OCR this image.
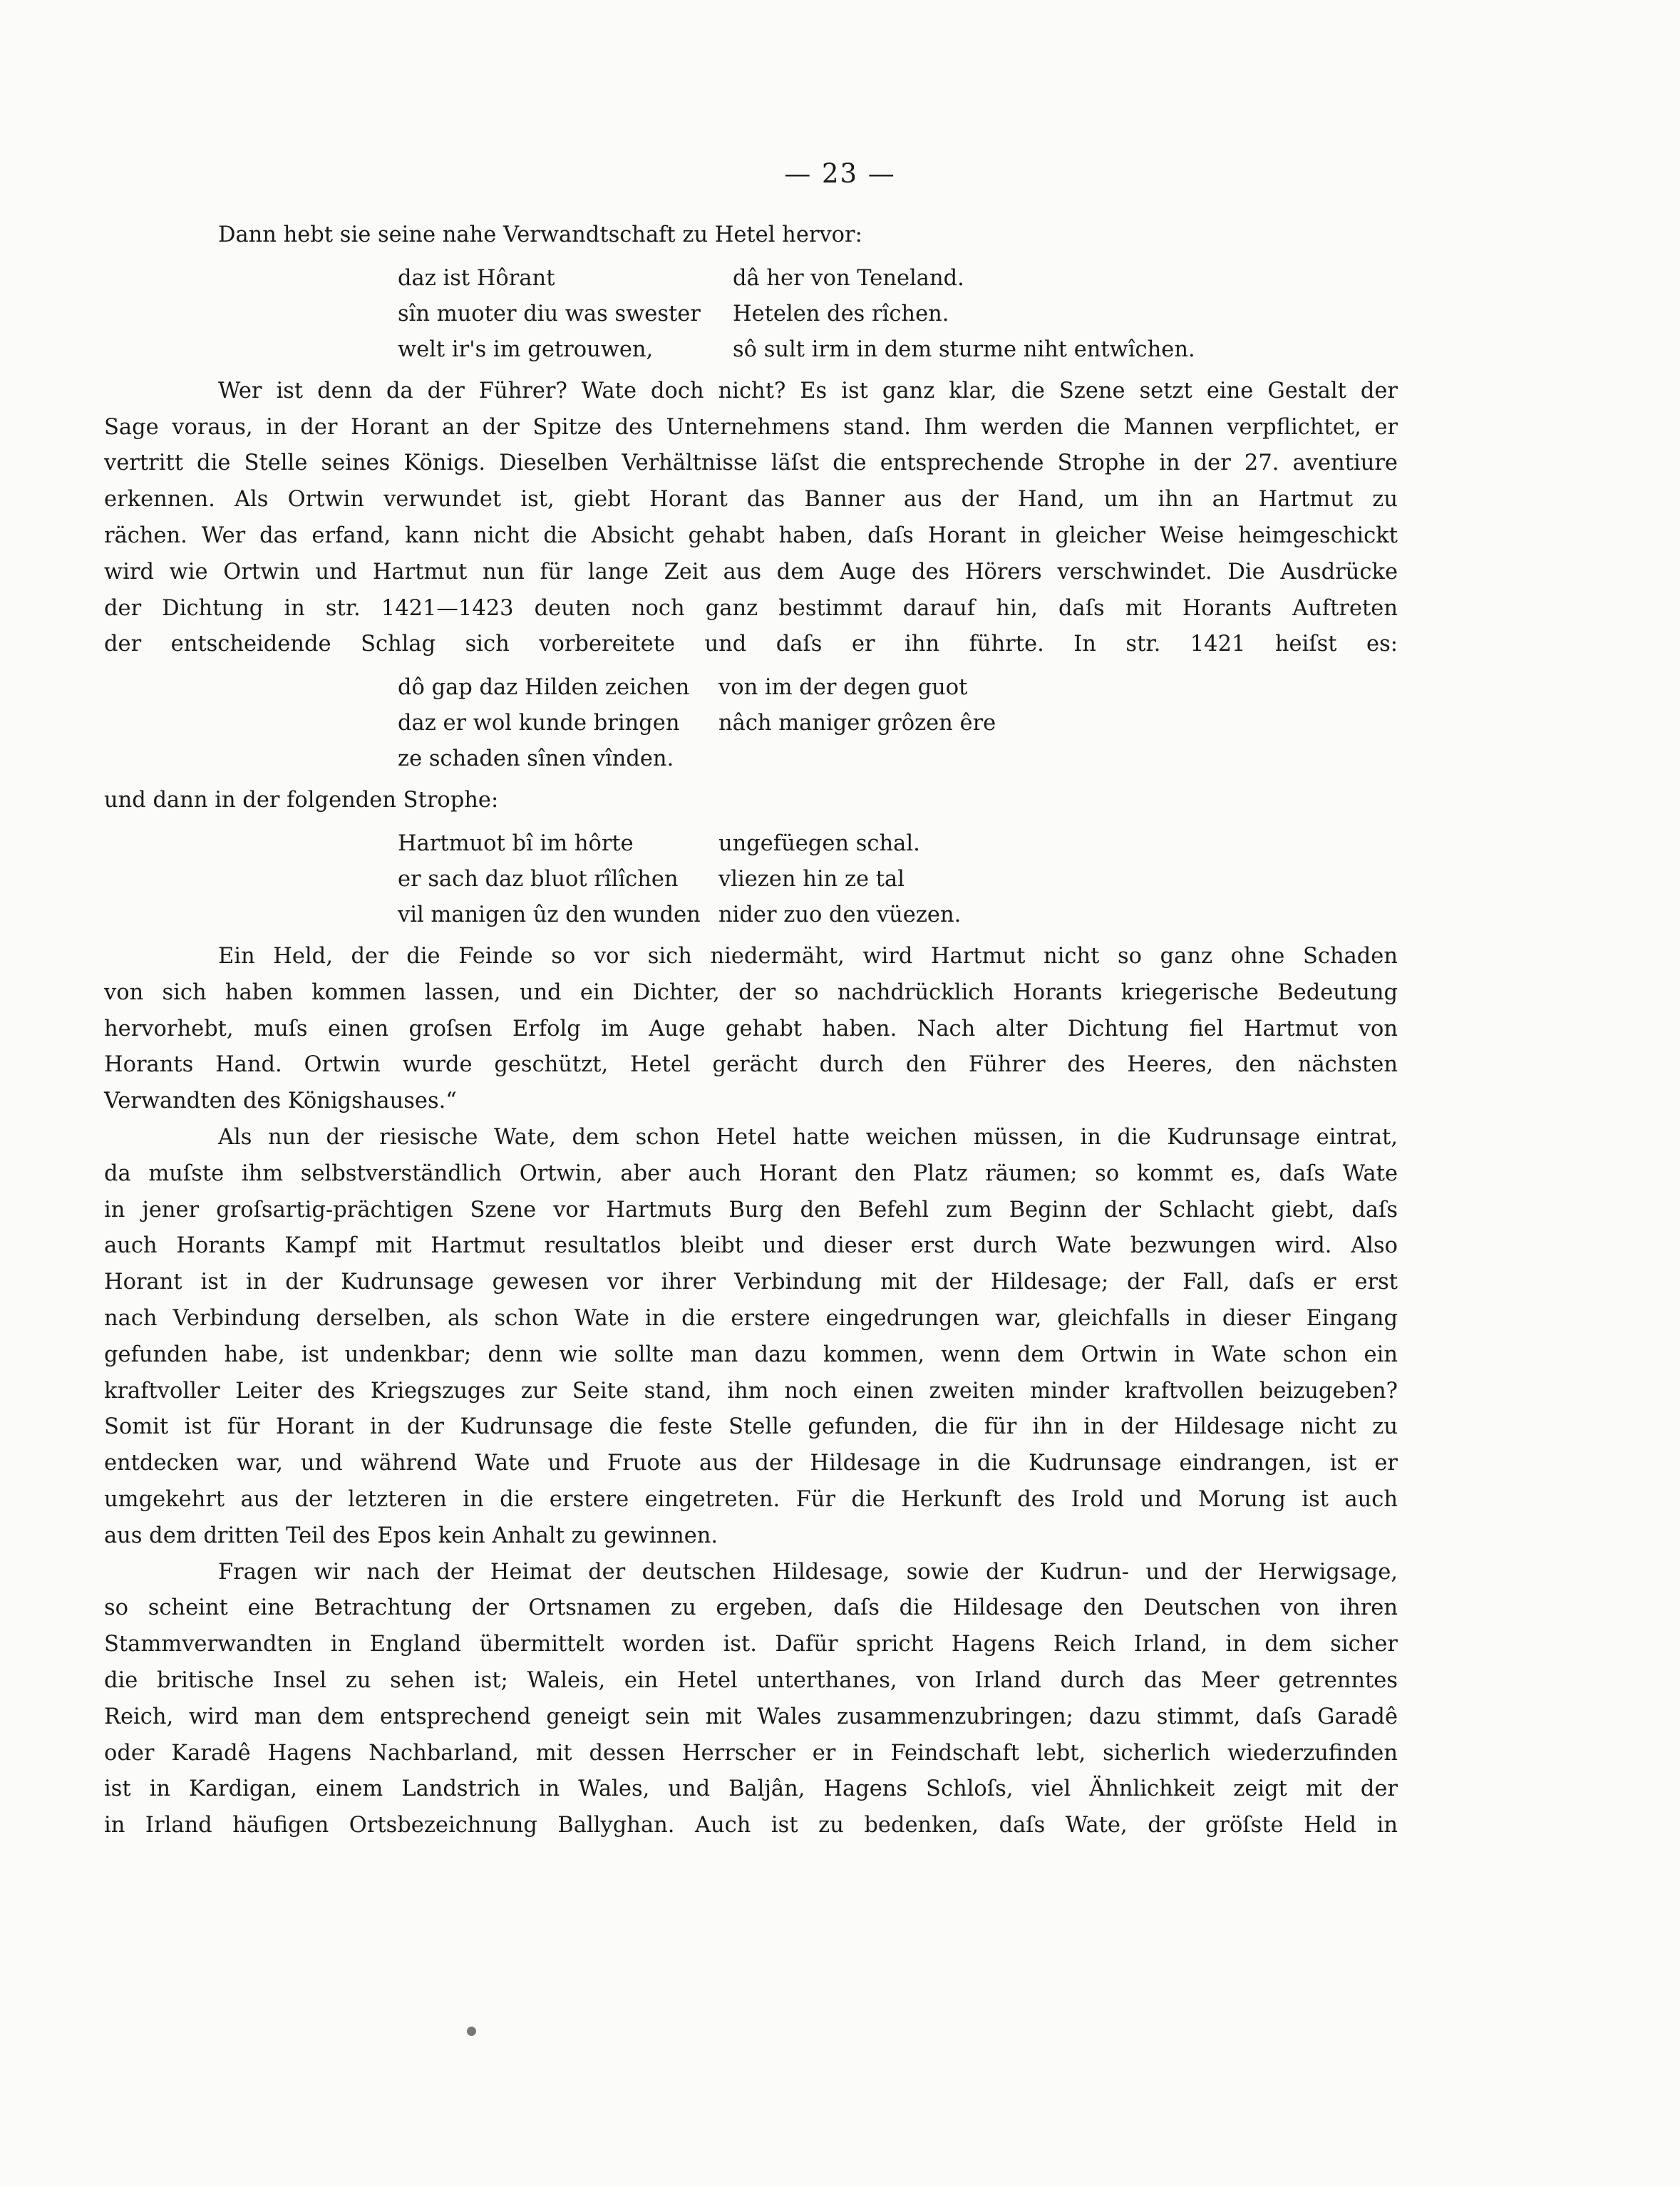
— 23 —

Dann hebt sie seine nahe Verwandtschaft zu Hetel hervor:

daz ist Hôrant	dâ her von Teneland.
sîn muoter diu was swester	Hetelen des rîchen.
welt ir's im getrouwen,	sô sult irm in dem sturme niht entwîchen.

Wer ist denn da der Führer? Wate doch nicht? Es ist ganz klar, die Szene setzt eine Gestalt der

Sage voraus, in der Horant an der Spitze des Unternehmens stand. Ihm werden die Mannen verpflichtet, er

vertritt die Stelle seines Königs. Dieselben Verhältnisse läſst die entsprechende Strophe in der 27. aventiure

erkennen. Als Ortwin verwundet ist, giebt Horant das Banner aus der Hand, um ihn an Hartmut zu

rächen. Wer das erfand, kann nicht die Absicht gehabt haben, daſs Horant in gleicher Weise heimgeschickt

wird wie Ortwin und Hartmut nun für lange Zeit aus dem Auge des Hörers verschwindet. Die Ausdrücke

der Dichtung in str. 1421—1423 deuten noch ganz bestimmt darauf hin, daſs mit Horants Auftreten

der entscheidende Schlag sich vorbereitete und daſs er ihn führte. In str. 1421 heiſst es:

dô gap daz Hilden zeichen	von im der degen guot
daz er wol kunde bringen	nâch maniger grôzen êre
ze schaden sînen vînden.

und dann in der folgenden Strophe:

Hartmuot bî im hôrte	ungefüegen schal.
er sach daz bluot rîlîchen	vliezen hin ze tal
vil manigen ûz den wunden nider zuo den vüezen.

Ein Held, der die Feinde so vor sich niedermäht, wird Hartmut nicht so ganz ohne Schaden

von sich haben kommen lassen, und ein Dichter, der so nachdrücklich Horants kriegerische Bedeutung

hervorhebt, muſs einen groſsen Erfolg im Auge gehabt haben. Nach alter Dichtung fiel Hartmut von

Horants Hand. Ortwin wurde geschützt, Hetel gerächt durch den Führer des Heeres, den nächsten

Verwandten des Königshauses.“

Als nun der riesische Wate, dem schon Hetel hatte weichen müssen, in die Kudrunsage eintrat,

da muſste ihm selbstverständlich Ortwin, aber auch Horant den Platz räumen; so kommt es, daſs Wate

in jener groſsartig-prächtigen Szene vor Hartmuts Burg den Befehl zum Beginn der Schlacht giebt, daſs

auch Horants Kampf mit Hartmut resultatlos bleibt und dieser erst durch Wate bezwungen wird. Also

Horant ist in der Kudrunsage gewesen vor ihrer Verbindung mit der Hildesage; der Fall, daſs er erst

nach Verbindung derselben, als schon Wate in die erstere eingedrungen war, gleichfalls in dieser Eingang

gefunden habe, ist undenkbar; denn wie sollte man dazu kommen, wenn dem Ortwin in Wate schon ein

kraftvoller Leiter des Kriegszuges zur Seite stand, ihm noch einen zweiten minder kraftvollen beizugeben?

Somit ist für Horant in der Kudrunsage die feste Stelle gefunden, die für ihn in der Hildesage nicht zu

entdecken war, und während Wate und Fruote aus der Hildesage in die Kudrunsage eindrangen, ist er

umgekehrt aus der letzteren in die erstere eingetreten. Für die Herkunft des Irold und Morung ist auch

aus dem dritten Teil des Epos kein Anhalt zu gewinnen.

Fragen wir nach der Heimat der deutschen Hildesage, sowie der Kudrun- und der Herwigsage,

so scheint eine Betrachtung der Ortsnamen zu ergeben, daſs die Hildesage den Deutschen von ihren

Stammverwandten in England übermittelt worden ist. Dafür spricht Hagens Reich Irland, in dem sicher

die britische Insel zu sehen ist; Waleis, ein Hetel unterthanes, von Irland durch das Meer getrenntes

Reich, wird man dem entsprechend geneigt sein mit Wales zusammenzubringen; dazu stimmt, daſs Garadê

oder Karadê Hagens Nachbarland, mit dessen Herrscher er in Feindschaft lebt, sicherlich wiederzufinden

ist in Kardigan, einem Landstrich in Wales, und Baljân, Hagens Schloſs, viel Ähnlichkeit zeigt mit der

in Irland häufigen Ortsbezeichnung Ballyghan. Auch ist zu bedenken, daſs Wate, der gröſste Held in
